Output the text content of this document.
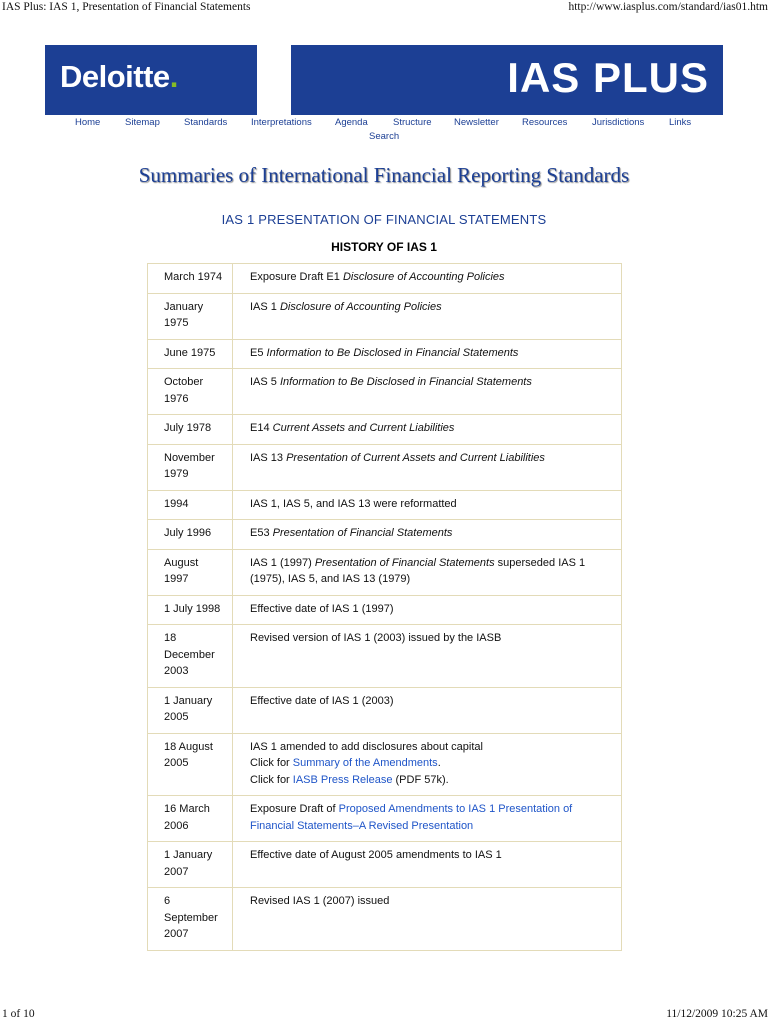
IAS Plus: IAS 1, Presentation of Financial Statements	http://www.iasplus.com/standard/ias01.htm
Deloitte.	IAS PLUS
Home	Sitemap	Standards Interpretations Agenda	Structure Newsletter Resources	Jurisdictions	Links
Search
Summaries of International Financial Reporting Standards
IAS 1 PRESENTATION OF FINANCIAL STATEMENTS
HISTORY OF IAS 1
March 1974	Exposure Draft E1 Disclosure of Accounting Policies
January 1975	IAS 1 Disclosure of Accounting Policies
June 1975	E5 Information to Be Disclosed in Financial Statements
October 1976	IAS 5 Information to Be Disclosed in Financial Statements
July 1978	E14 Current Assets and Current Liabilities
November 1979	IAS 13 Presentation of Current Assets and Current Liabilities
1994	IAS 1, IAS 5, and IAS 13 were reformatted
July 1996	E53 Presentation of Financial Statements
August 1997	IAS 1 (1997) Presentation of Financial Statements superseded IAS 1 (1975), IAS 5, and IAS 13 (1979)
1 July 1998	Effective date of IAS 1 (1997)
18 December 2003	Revised version of IAS 1 (2003) issued by the IASB

1 January 2005	Effective date of IAS 1 (2003)
18 August 2005	IAS 1 amended to add disclosures about capital
Click for Summary of the Amendments.
Click for IASB Press Release (PDF 57k).
16 March 2006	Exposure Draft of Proposed Amendments to IAS 1 Presentation of Financial Statements–A Revised Presentation
1 January 2007	Effective date of August 2005 amendments to IAS 1
6 September 2007	Revised IAS 1 (2007) issued
1 of 10	11/12/2009 10:25 AM
